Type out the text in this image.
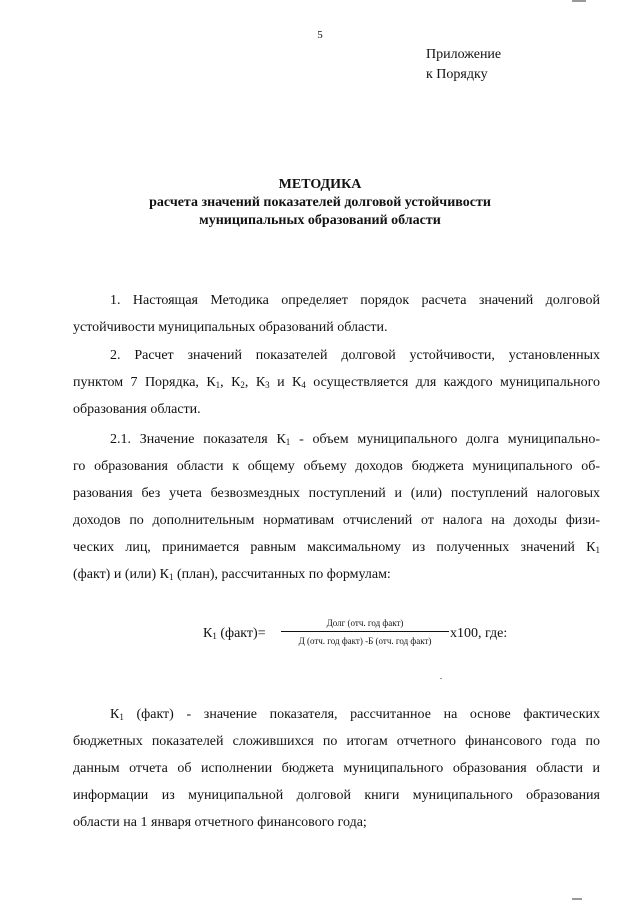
5
Приложение
к Порядку
МЕТОДИКА
расчета значений показателей долговой устойчивости
муниципальных образований области
1. Настоящая Методика определяет порядок расчета значений долговой
устойчивости муниципальных образований области.
2. Расчет значений показателей долговой устойчивости, установленных
пунктом 7 Порядка, $К_1$, $К_2$, $К_3$ и $К_4$ осуществляется для каждого муниципального
образования области.
2.1. Значение показателя $К_1$ - объем муниципального долга муниципально-
го образования области к общему объему доходов бюджета муниципального об-
разования без учета безвозмездных поступлений и (или) поступлений налоговых
доходов по дополнительным нормативам отчислений от налога на доходы физи-
ческих лиц, принимается равным максимальному из полученных значений $К_1$
(факт) и (или) $К_1$ (план), рассчитанных по формулам:
$К_1$ (факт)=
Долг (отч. год факт)
Д (отч. год факт) -Б (отч. год факт)	x100, где:
$К_1$ (факт) - значение показателя, рассчитанное на основе фактических
бюджетных показателей сложившихся по итогам отчетного финансового года по
данным отчета об исполнении бюджета муниципального образования области и
информации из муниципальной долговой книги муниципального образования
области на 1 января отчетного финансового года;
